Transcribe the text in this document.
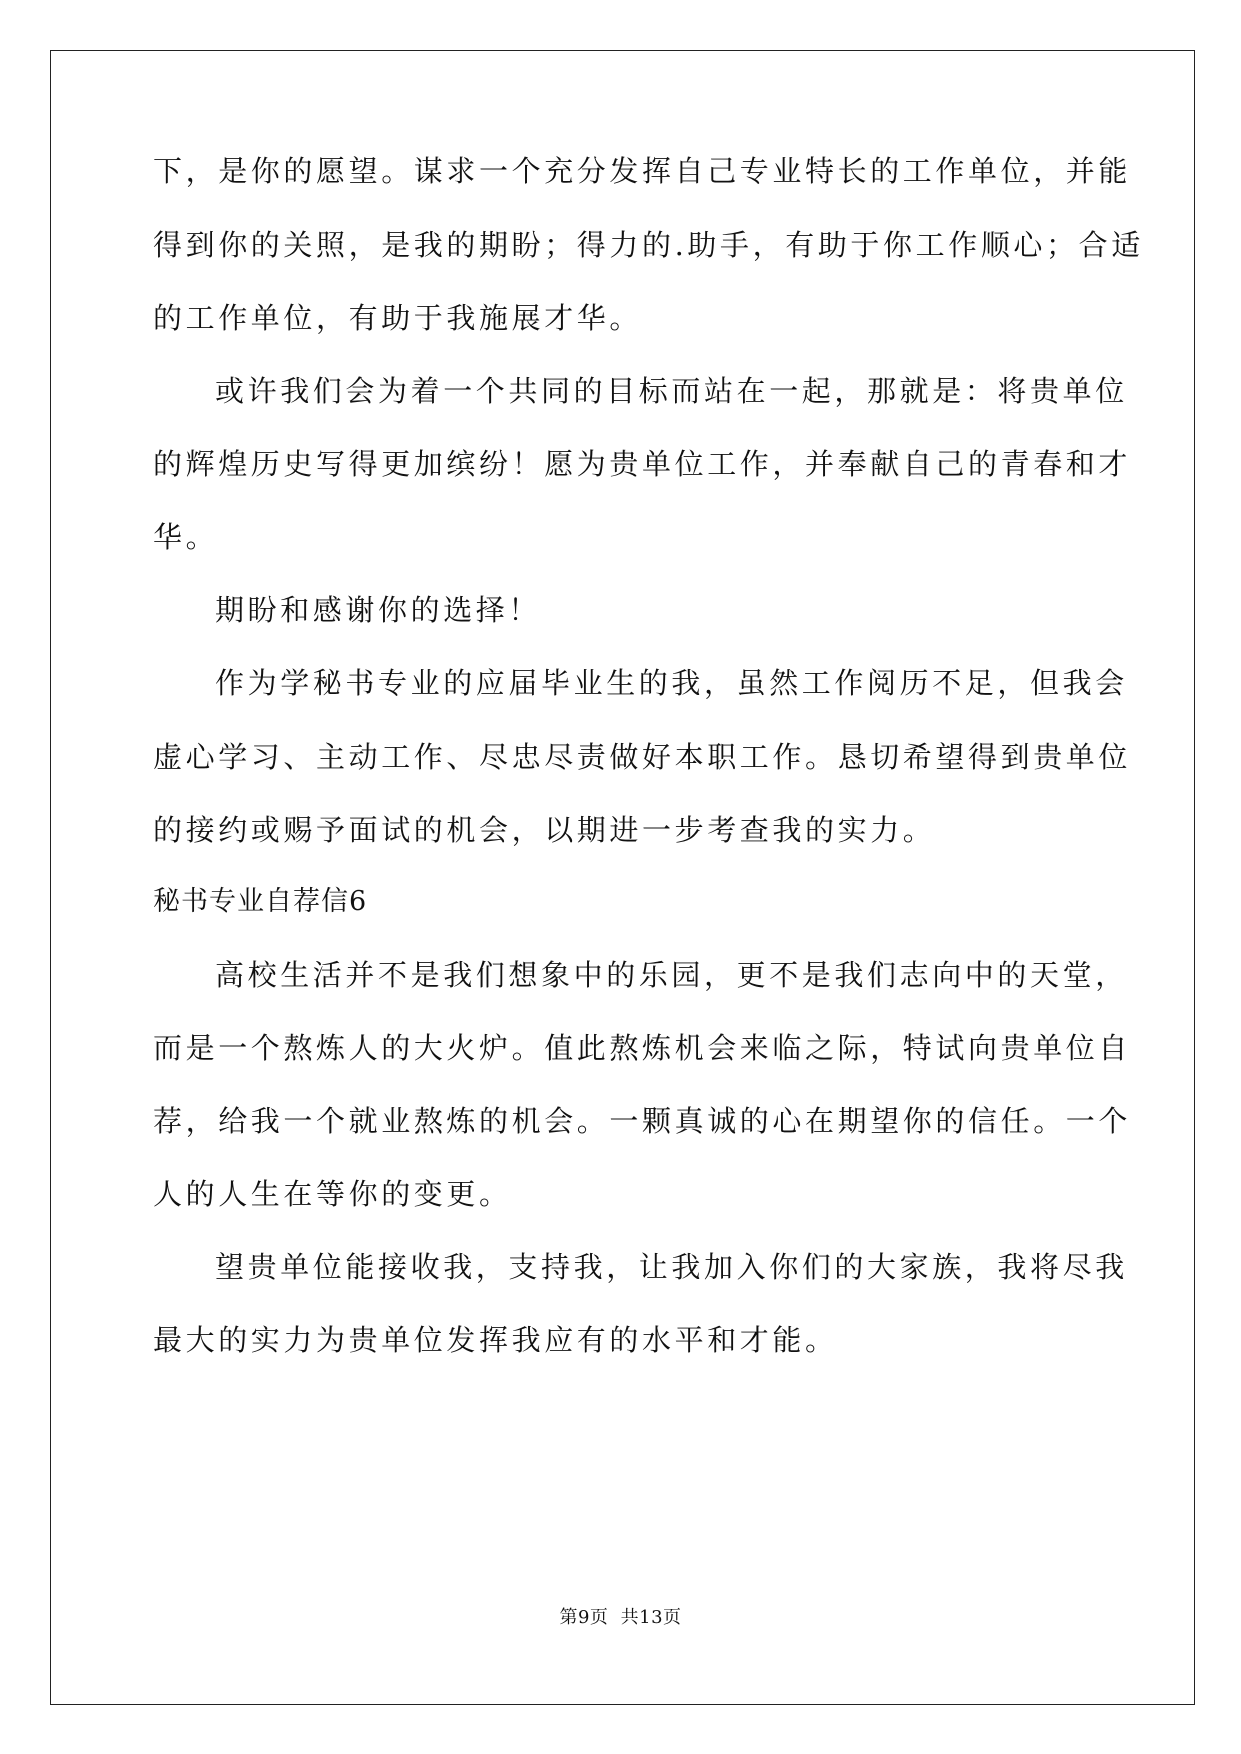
下，是你的愿望。谋求一个充分发挥自己专业特长的工作单位，并能
得到你的关照，是我的期盼；得力的.助手，有助于你工作顺心；合适
的工作单位，有助于我施展才华。
或许我们会为着一个共同的目标而站在一起，那就是：将贵单位
的辉煌历史写得更加缤纷！愿为贵单位工作，并奉献自己的青春和才
华。
期盼和感谢你的选择！
作为学秘书专业的应届毕业生的我，虽然工作阅历不足，但我会
虚心学习、主动工作、尽忠尽责做好本职工作。恳切希望得到贵单位
的接约或赐予面试的机会，以期进一步考查我的实力。
秘书专业自荐信6
高校生活并不是我们想象中的乐园，更不是我们志向中的天堂，
而是一个熬炼人的大火炉。值此熬炼机会来临之际，特试向贵单位自
荐，给我一个就业熬炼的机会。一颗真诚的心在期望你的信任。一个
人的人生在等你的变更。
望贵单位能接收我，支持我，让我加入你们的大家族，我将尽我
最大的实力为贵单位发挥我应有的水平和才能。
第9页 共13页
